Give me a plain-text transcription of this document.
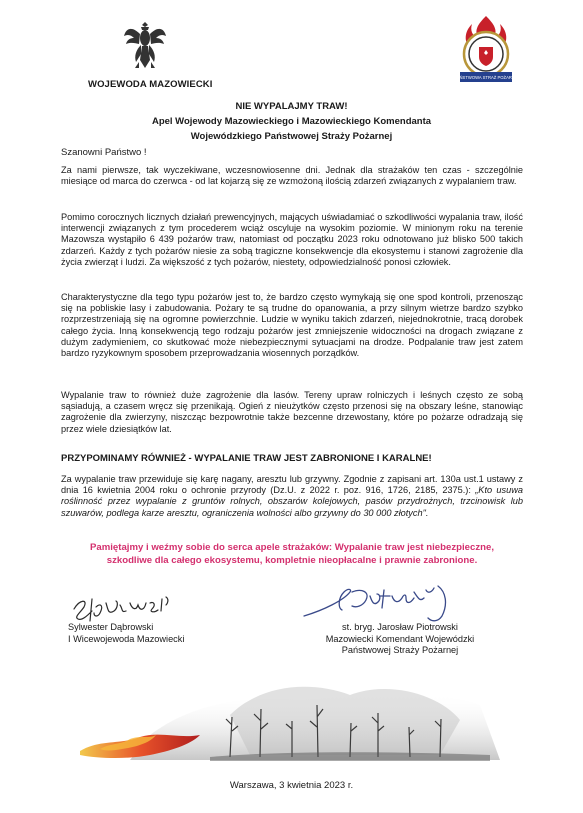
WOJEWODA MAZOWIECKI
PAŃSTWOWA STRAŻ POŻARNA
NIE WYPALAJMY TRAW!
Apel Wojewody Mazowieckiego i Mazowieckiego Komendanta
Wojewódzkiego Państwowej Straży Pożarnej
Szanowni Państwo !
Za nami pierwsze, tak wyczekiwane, wczesnowiosenne dni. Jednak dla strażaków ten czas - szczególnie miesiące od marca do czerwca - od lat kojarzą się ze wzmożoną ilością zdarzeń związanych z wypalaniem traw.
Pomimo corocznych licznych działań prewencyjnych, mających uświadamiać o szkodliwości wypalania traw, ilość interwencji związanych z tym procederem wciąż oscyluje na wysokim poziomie. W minionym roku na terenie Mazowsza wystąpiło 6 439 pożarów traw, natomiast od początku 2023 roku odnotowano już blisko 500 takich zdarzeń. Każdy z tych pożarów niesie za sobą tragiczne konsekwencje dla ekosystemu i stanowi zagrożenie dla życia zwierząt i ludzi. Za większość z tych pożarów, niestety, odpowiedzialność ponosi człowiek.
Charakterystyczne dla tego typu pożarów jest to, że bardzo często wymykają się one spod kontroli, przenosząc się na pobliskie lasy i zabudowania. Pożary te są trudne do opanowania, a przy silnym wietrze bardzo szybko rozprzestrzeniają się na ogromne powierzchnie. Ludzie w wyniku takich zdarzeń, niejednokrotnie, tracą dorobek całego życia. Inną konsekwencją tego rodzaju pożarów jest zmniejszenie widoczności na drogach związane z dużym zadymieniem, co skutkować może niebezpiecznymi sytuacjami na drodze. Podpalanie traw jest zatem bardzo ryzykownym sposobem przeprowadzania wiosennych porządków.
Wypalanie traw to również duże zagrożenie dla lasów. Tereny upraw rolniczych i leśnych często ze sobą sąsiadują, a czasem wręcz się przenikają. Ogień z nieużytków często przenosi się na obszary leśne, stanowiąc zagrożenie dla zwierzyny, niszcząc bezpowrotnie także bezcenne drzewostany, które po pożarze odradzają się przez wiele dziesiątków lat.
PRZYPOMINAMY RÓWNIEŻ - WYPALANIE TRAW JEST ZABRONIONE I KARALNE!
Za wypalanie traw przewiduje się karę nagany, aresztu lub grzywny. Zgodnie z zapisani art. 130a ust.1 ustawy z dnia 16 kwietnia 2004 roku o ochronie przyrody (Dz.U. z 2022 r. poz. 916, 1726, 2185, 2375.): „Kto usuwa roślinność przez wypalanie z gruntów rolnych, obszarów kolejowych, pasów przydrożnych, trzcinowisk lub szuwarów, podlega karze aresztu, ograniczenia wolności albo grzywny do 30 000 złotych".
Pamiętajmy i weźmy sobie do serca apele strażaków: Wypalanie traw jest niebezpieczne,
szkodliwe dla całego ekosystemu, kompletnie nieopłacalne i prawnie zabronione.
Sylwester Dąbrowski
I Wicewojewoda Mazowiecki
st. bryg. Jarosław Piotrowski
Mazowiecki Komendant Wojewódzki
Państwowej Straży Pożarnej
Warszawa, 3 kwietnia 2023 r.
